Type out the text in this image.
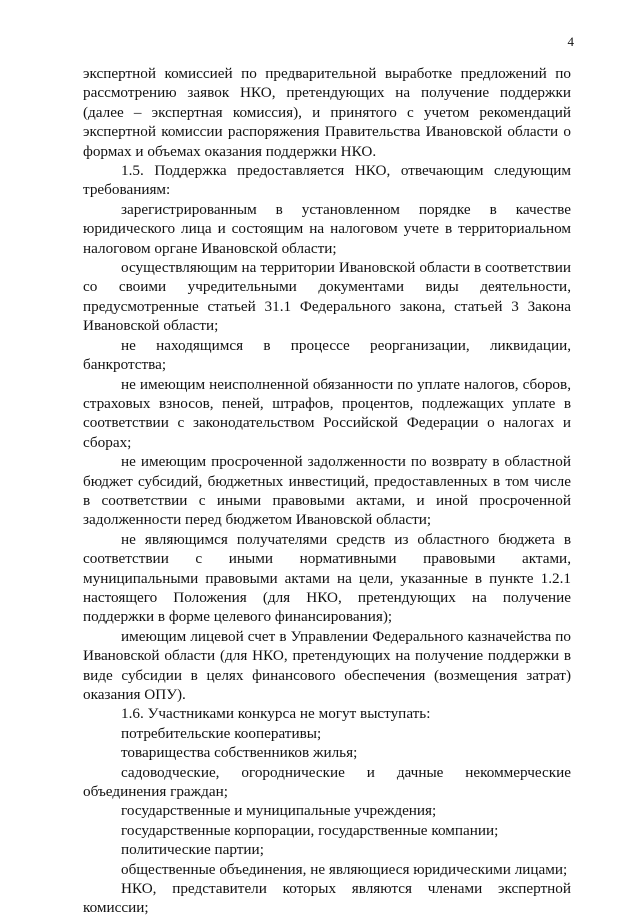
4

экспертной комиссией по предварительной выработке предложений по рассмотрению заявок НКО, претендующих на получение поддержки (далее – экспертная комиссия), и принятого с учетом рекомендаций экспертной комиссии распоряжения Правительства Ивановской области о формах и объемах оказания поддержки НКО.

1.5. Поддержка предоставляется НКО, отвечающим следующим требованиям:

зарегистрированным в установленном порядке в качестве юридического лица и состоящим на налоговом учете в территориальном налоговом органе Ивановской области;

осуществляющим на территории Ивановской области в соответствии со своими учредительными документами виды деятельности, предусмотренные статьей 31.1 Федерального закона, статьей 3 Закона Ивановской области;

не находящимся в процессе реорганизации, ликвидации, банкротства;

не имеющим неисполненной обязанности по уплате налогов, сборов, страховых взносов, пеней, штрафов, процентов, подлежащих уплате в соответствии с законодательством Российской Федерации о налогах и сборах;

не имеющим просроченной задолженности по возврату в областной бюджет субсидий, бюджетных инвестиций, предоставленных в том числе в соответствии с иными правовыми актами, и иной просроченной задолженности перед бюджетом Ивановской области;

не являющимся получателями средств из областного бюджета в соответствии с иными нормативными правовыми актами, муниципальными правовыми актами на цели, указанные в пункте 1.2.1 настоящего Положения (для НКО, претендующих на получение поддержки в форме целевого финансирования);

имеющим лицевой счет в Управлении Федерального казначейства по Ивановской области (для НКО, претендующих на получение поддержки в виде субсидии в целях финансового обеспечения (возмещения затрат) оказания ОПУ).

1.6. Участниками конкурса не могут выступать:

потребительские кооперативы;

товарищества собственников жилья;

садоводческие, огороднические и дачные некоммерческие объединения граждан;

государственные и муниципальные учреждения;

государственные корпорации, государственные компании;

политические партии;

общественные объединения, не являющиеся юридическими лицами;

НКО, представители которых являются членами экспертной комиссии;
